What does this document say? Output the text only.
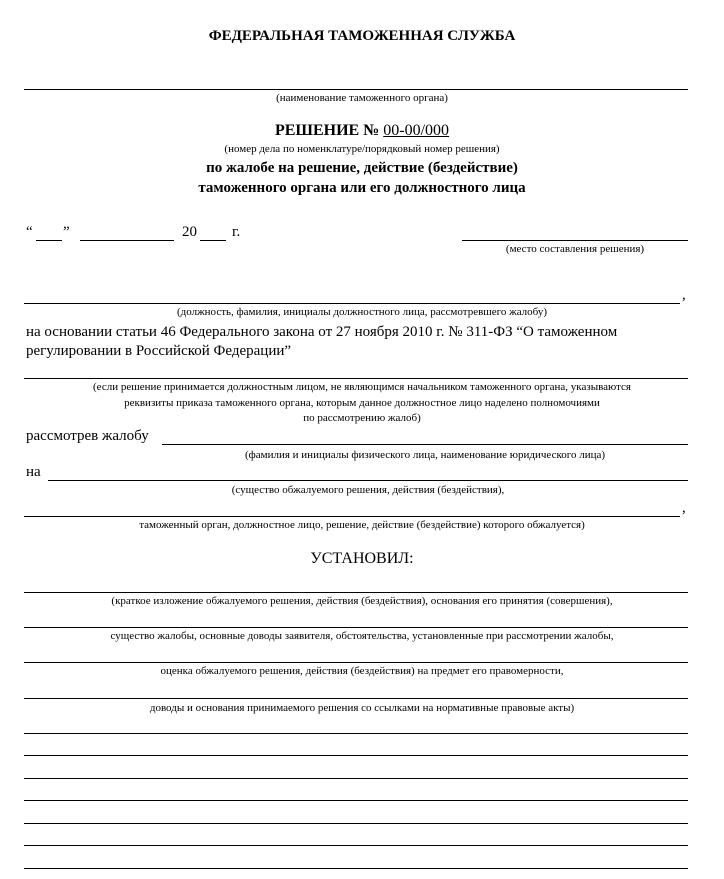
ФЕДЕРАЛЬНАЯ ТАМОЖЕННАЯ СЛУЖБА
(наименование таможенного органа)
РЕШЕНИЕ № 00-00/000
(номер дела по номенклатуре/порядковый номер решения)
по жалобе на решение, действие (бездействие)
таможенного органа или его должностного лица
“ ”	20 г.
(место составления решения)
,
(должность, фамилия, инициалы должностного лица, рассмотревшего жалобу)
на основании статьи 46 Федерального закона от 27 ноября 2010 г. № 311-ФЗ “О таможенном
регулировании в Российской Федерации”
(если решение принимается должностным лицом, не являющимся начальником таможенного органа, указываются
реквизиты приказа таможенного органа, которым данное должностное лицо наделено полномочиями
по рассмотрению жалоб)
рассмотрев жалобу
(фамилия и инициалы физического лица, наименование юридического лица)
на
(существо обжалуемого решения, действия (бездействия),
,
таможенный орган, должностное лицо, решение, действие (бездействие) которого обжалуется)
УСТАНОВИЛ:
(краткое изложение обжалуемого решения, действия (бездействия), основания его принятия (совершения),
существо жалобы, основные доводы заявителя, обстоятельства, установленные при рассмотрении жалобы,
оценка обжалуемого решения, действия (бездействия) на предмет его правомерности,
доводы и основания принимаемого решения со ссылками на нормативные правовые акты)
